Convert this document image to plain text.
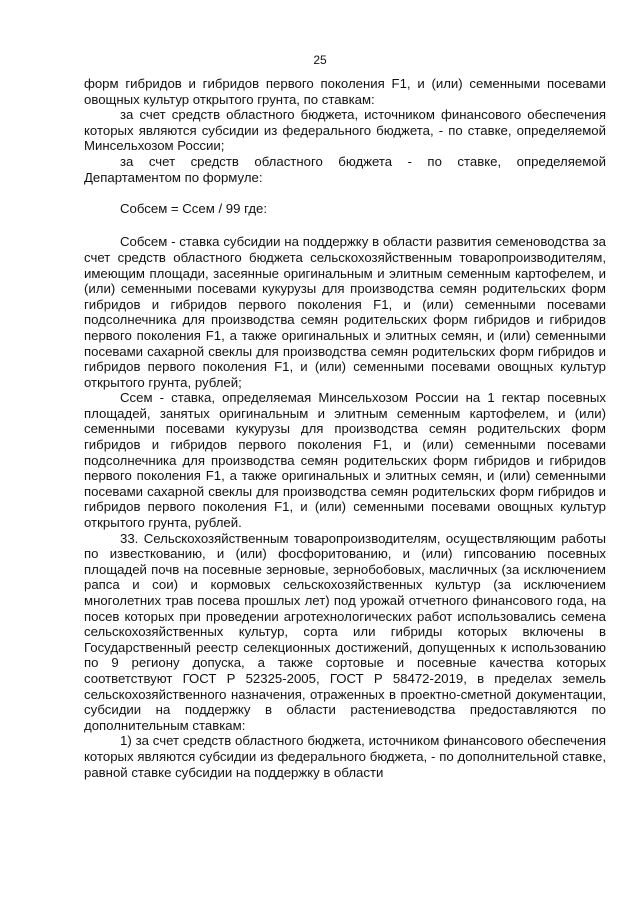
25

форм гибридов и гибридов первого поколения F1, и (или) семенными посевами овощных культур открытого грунта, по ставкам:

за счет средств областного бюджета, источником финансового обеспечения которых являются субсидии из федерального бюджета, - по ставке, определяемой Минсельхозом России;

за счет средств областного бюджета - по ставке, определяемой Департаментом по формуле:

Собсем = Ссем / 99 где:

Собсем - ставка субсидии на поддержку в области развития семеноводства за счет средств областного бюджета сельскохозяйственным товаропроизводителям, имеющим площади, засеянные оригинальным и элитным семенным картофелем, и (или) семенными посевами кукурузы для производства семян родительских форм гибридов и гибридов первого поколения F1, и (или) семенными посевами подсолнечника для производства семян родительских форм гибридов и гибридов первого поколения F1, а также оригинальных и элитных семян, и (или) семенными посевами сахарной свеклы для производства семян родительских форм гибридов и гибридов первого поколения F1, и (или) семенными посевами овощных культур открытого грунта, рублей;

Ссем - ставка, определяемая Минсельхозом России на 1 гектар посевных площадей, занятых оригинальным и элитным семенным картофелем, и (или) семенными посевами кукурузы для производства семян родительских форм гибридов и гибридов первого поколения F1, и (или) семенными посевами подсолнечника для производства семян родительских форм гибридов и гибридов первого поколения F1, а также оригинальных и элитных семян, и (или) семенными посевами сахарной свеклы для производства семян родительских форм гибридов и гибридов первого поколения F1, и (или) семенными посевами овощных культур открытого грунта, рублей.

33. Сельскохозяйственным товаропроизводителям, осуществляющим работы по известкованию, и (или) фосфоритованию, и (или) гипсованию посевных площадей почв на посевные зерновые, зернобобовых, масличных (за исключением рапса и сои) и кормовых сельскохозяйственных культур (за исключением многолетних трав посева прошлых лет) под урожай отчетного финансового года, на посев которых при проведении агротехнологических работ использовались семена сельскохозяйственных культур, сорта или гибриды которых включены в Государственный реестр селекционных достижений, допущенных к использованию по 9 региону допуска, а также сортовые и посевные качества которых соответствуют ГОСТ Р 52325-2005, ГОСТ Р 58472-2019, в пределах земель сельскохозяйственного назначения, отраженных в проектно-сметной документации, субсидии на поддержку в области растениеводства предоставляются по дополнительным ставкам:

1) за счет средств областного бюджета, источником финансового обеспечения которых являются субсидии из федерального бюджета, - по дополнительной ставке, равной ставке субсидии на поддержку в области
